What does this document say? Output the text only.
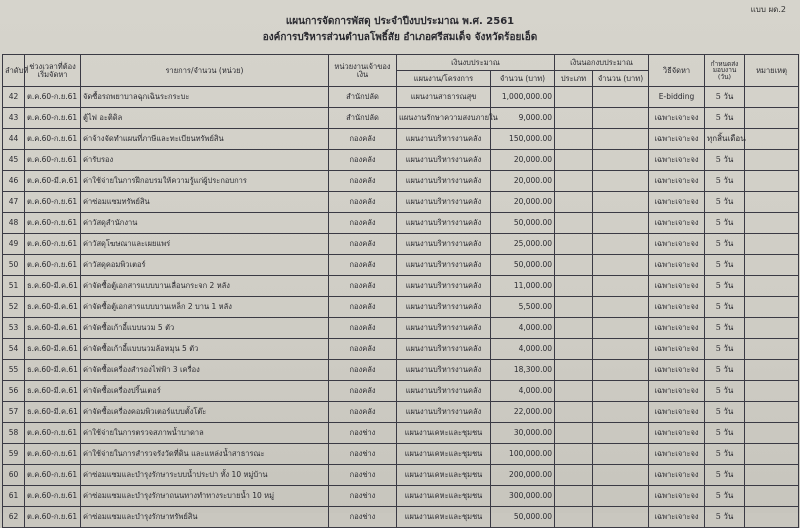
แบบ ผด.2
แผนการจัดการพัสดุ ประจำปีงบประมาณ พ.ศ. 2561
องค์การบริหารส่วนตำบลโพธิ์สัย อำเภอศรีสมเด็จ จังหวัดร้อยเอ็ด
ลำดับที่	ช่วงเวลาที่ต้องเริ่มจัดหา	รายการ/จำนวน (หน่วย)	หน่วยงานเจ้าของเงิน	เงินงบประมาณ		เงินนอกงบประมาณ		วิธีจัดหา	กำหนดส่งมอบงาน (วัน)	หมายเหตุ
				แผนงาน/โครงการ	จำนวน (บาท)	ประเภท	จำนวน (บาท)			
42	ต.ค.60-ก.ย.61	จัดซื้อรถพยาบาลฉุกเฉินระกระบะ	สำนักปลัด	แผนงานสาธารณสุข	1,000,000.00			E-bidding	5 วัน	
43	ต.ค.60-ก.ย.61	ตู้ไฟ อะติดิล	สำนักปลัด	แผนงานรักษาความสงบภายใน	9,000.00			เฉพาะเจาะจง	5 วัน	
44	ต.ค.60-ก.ย.61	ค่าจ้างจัดทำแผนที่ภาษีและทะเบียนทรัพย์สิน	กองคลัง	แผนงานบริหารงานคลัง	150,000.00			เฉพาะเจาะจง	ทุกสิ้นเดือน	
45	ต.ค.60-ก.ย.61	ค่ารับรอง	กองคลัง	แผนงานบริหารงานคลัง	20,000.00			เฉพาะเจาะจง	5 วัน	
46	ต.ค.60-มี.ค.61	ค่าใช้จ่ายในการฝึกอบรมให้ความรู้แก่ผู้ประกอบการ	กองคลัง	แผนงานบริหารงานคลัง	20,000.00			เฉพาะเจาะจง	5 วัน	
47	ต.ค.60-ก.ย.61	ค่าซ่อมแซมทรัพย์สิน	กองคลัง	แผนงานบริหารงานคลัง	20,000.00			เฉพาะเจาะจง	5 วัน	
48	ต.ค.60-ก.ย.61	ค่าวัสดุสำนักงาน	กองคลัง	แผนงานบริหารงานคลัง	50,000.00			เฉพาะเจาะจง	5 วัน	
49	ต.ค.60-ก.ย.61	ค่าวัสดุโฆษณาและเผยแพร่	กองคลัง	แผนงานบริหารงานคลัง	25,000.00			เฉพาะเจาะจง	5 วัน	
50	ต.ค.60-ก.ย.61	ค่าวัสดุคอมพิวเตอร์	กองคลัง	แผนงานบริหารงานคลัง	50,000.00			เฉพาะเจาะจง	5 วัน	
51	ธ.ค.60-มี.ค.61	ค่าจัดซื้อตู้เอกสารแบบบานเลื่อนกระจก 2 หลัง	กองคลัง	แผนงานบริหารงานคลัง	11,000.00			เฉพาะเจาะจง	5 วัน	
52	ธ.ค.60-มี.ค.61	ค่าจัดซื้อตู้เอกสารแบบบานเหล็ก 2 บาน 1 หลัง	กองคลัง	แผนงานบริหารงานคลัง	5,500.00			เฉพาะเจาะจง	5 วัน	
53	ธ.ค.60-มี.ค.61	ค่าจัดซื้อเก้าอี้แบบนวม 5 ตัว	กองคลัง	แผนงานบริหารงานคลัง	4,000.00			เฉพาะเจาะจง	5 วัน	
54	ธ.ค.60-มี.ค.61	ค่าจัดซื้อเก้าอี้แบบนวมล้อหมุน 5 ตัว	กองคลัง	แผนงานบริหารงานคลัง	4,000.00			เฉพาะเจาะจง	5 วัน	
55	ธ.ค.60-มี.ค.61	ค่าจัดซื้อเครื่องสำรองไฟฟ้า 3 เครื่อง	กองคลัง	แผนงานบริหารงานคลัง	18,300.00			เฉพาะเจาะจง	5 วัน	
56	ธ.ค.60-มี.ค.61	ค่าจัดซื้อเครื่องปริ้นเตอร์	กองคลัง	แผนงานบริหารงานคลัง	4,000.00			เฉพาะเจาะจง	5 วัน	
57	ธ.ค.60-มี.ค.61	ค่าจัดซื้อเครื่องคอมพิวเตอร์แบบตั้งโต๊ะ	กองคลัง	แผนงานบริหารงานคลัง	22,000.00			เฉพาะเจาะจง	5 วัน	
58	ต.ค.60-ก.ย.61	ค่าใช้จ่ายในการตรวจสภาพน้ำบาดาล	กองช่าง	แผนงานเคหะและชุมชน	30,000.00			เฉพาะเจาะจง	5 วัน	
59	ต.ค.60-ก.ย.61	ค่าใช้จ่ายในการสำรวจรังวัดที่ดิน และแหล่งน้ำสาธารณะ	กองช่าง	แผนงานเคหะและชุมชน	100,000.00			เฉพาะเจาะจง	5 วัน	
60	ต.ค.60-ก.ย.61	ค่าซ่อมแซมและบำรุงรักษาระบบน้ำประปา ทั้ง 10 หมู่บ้าน	กองช่าง	แผนงานเคหะและชุมชน	200,000.00			เฉพาะเจาะจง	5 วัน	
61	ต.ค.60-ก.ย.61	ค่าซ่อมแซมและบำรุงรักษาถนนทางทำทางระบายน้ำ 10 หมู่	กองช่าง	แผนงานเคหะและชุมชน	300,000.00			เฉพาะเจาะจง	5 วัน	
62	ต.ค.60-ก.ย.61	ค่าซ่อมแซมและบำรุงรักษาทรัพย์สิน	กองช่าง	แผนงานเคหะและชุมชน	50,000.00			เฉพาะเจาะจง	5 วัน	
